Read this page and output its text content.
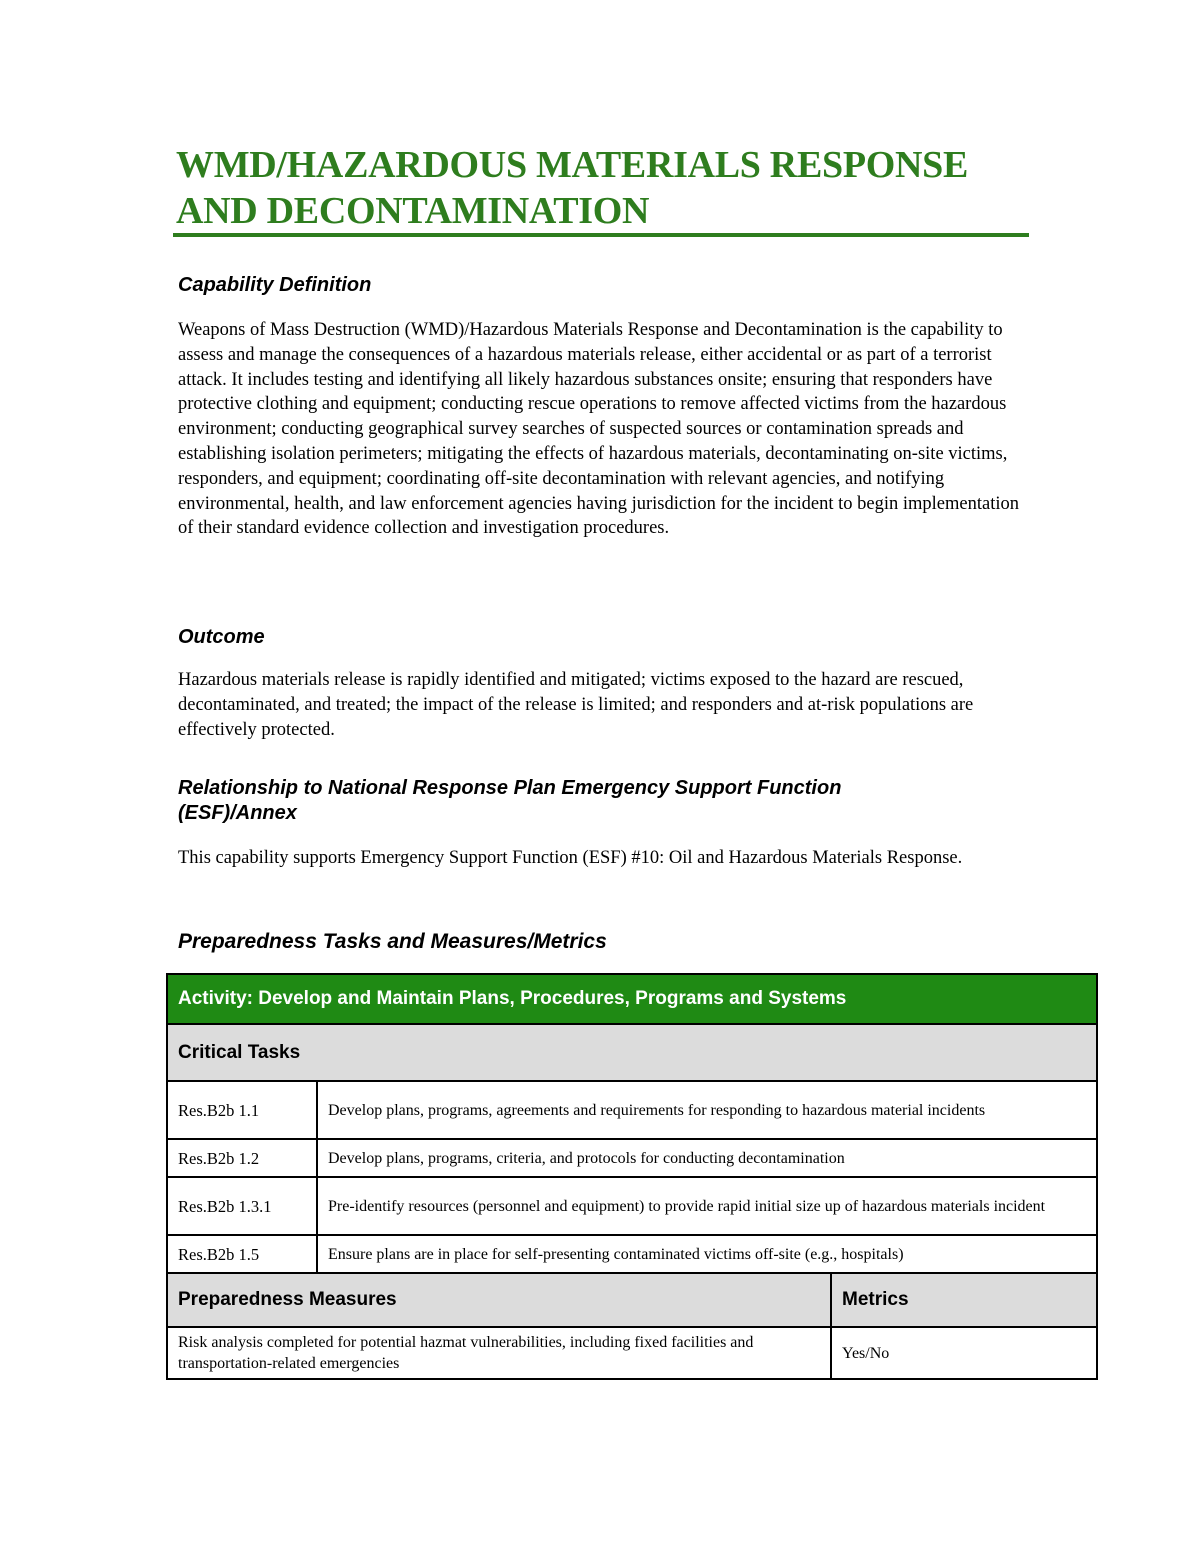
WMD/HAZARDOUS MATERIALS RESPONSE
AND DECONTAMINATION
Capability Definition
Weapons of Mass Destruction (WMD)/Hazardous Materials Response and Decontamination is the capability to assess and manage the consequences of a hazardous materials release, either accidental or as part of a terrorist attack. It includes testing and identifying all likely hazardous substances onsite; ensuring that responders have protective clothing and equipment; conducting rescue operations to remove affected victims from the hazardous environment; conducting geographical survey searches of suspected sources or contamination spreads and establishing isolation perimeters; mitigating the effects of hazardous materials, decontaminating on-site victims, responders, and equipment; coordinating off-site decontamination with relevant agencies, and notifying environmental, health, and law enforcement agencies having jurisdiction for the incident to begin implementation of their standard evidence collection and investigation procedures.
Outcome
Hazardous materials release is rapidly identified and mitigated; victims exposed to the hazard are rescued, decontaminated, and treated; the impact of the release is limited; and responders and at-risk populations are effectively protected.
Relationship to National Response Plan Emergency Support Function
(ESF)/Annex
This capability supports Emergency Support Function (ESF) #10: Oil and Hazardous Materials Response.
Preparedness Tasks and Measures/Metrics
Activity: Develop and Maintain Plans, Procedures, Programs and Systems		
Critical Tasks		
Res.B2b 1.1	Develop plans, programs, agreements and requirements for responding to hazardous material incidents	
Res.B2b 1.2	Develop plans, programs, criteria, and protocols for conducting decontamination	
Res.B2b 1.3.1	Pre-identify resources (personnel and equipment) to provide rapid initial size up of hazardous materials incident	
Res.B2b 1.5	Ensure plans are in place for self-presenting contaminated victims off-site (e.g., hospitals)	
Preparedness Measures		Metrics
Risk analysis completed for potential hazmat vulnerabilities, including fixed facilities and transportation-related emergencies		Yes/No
